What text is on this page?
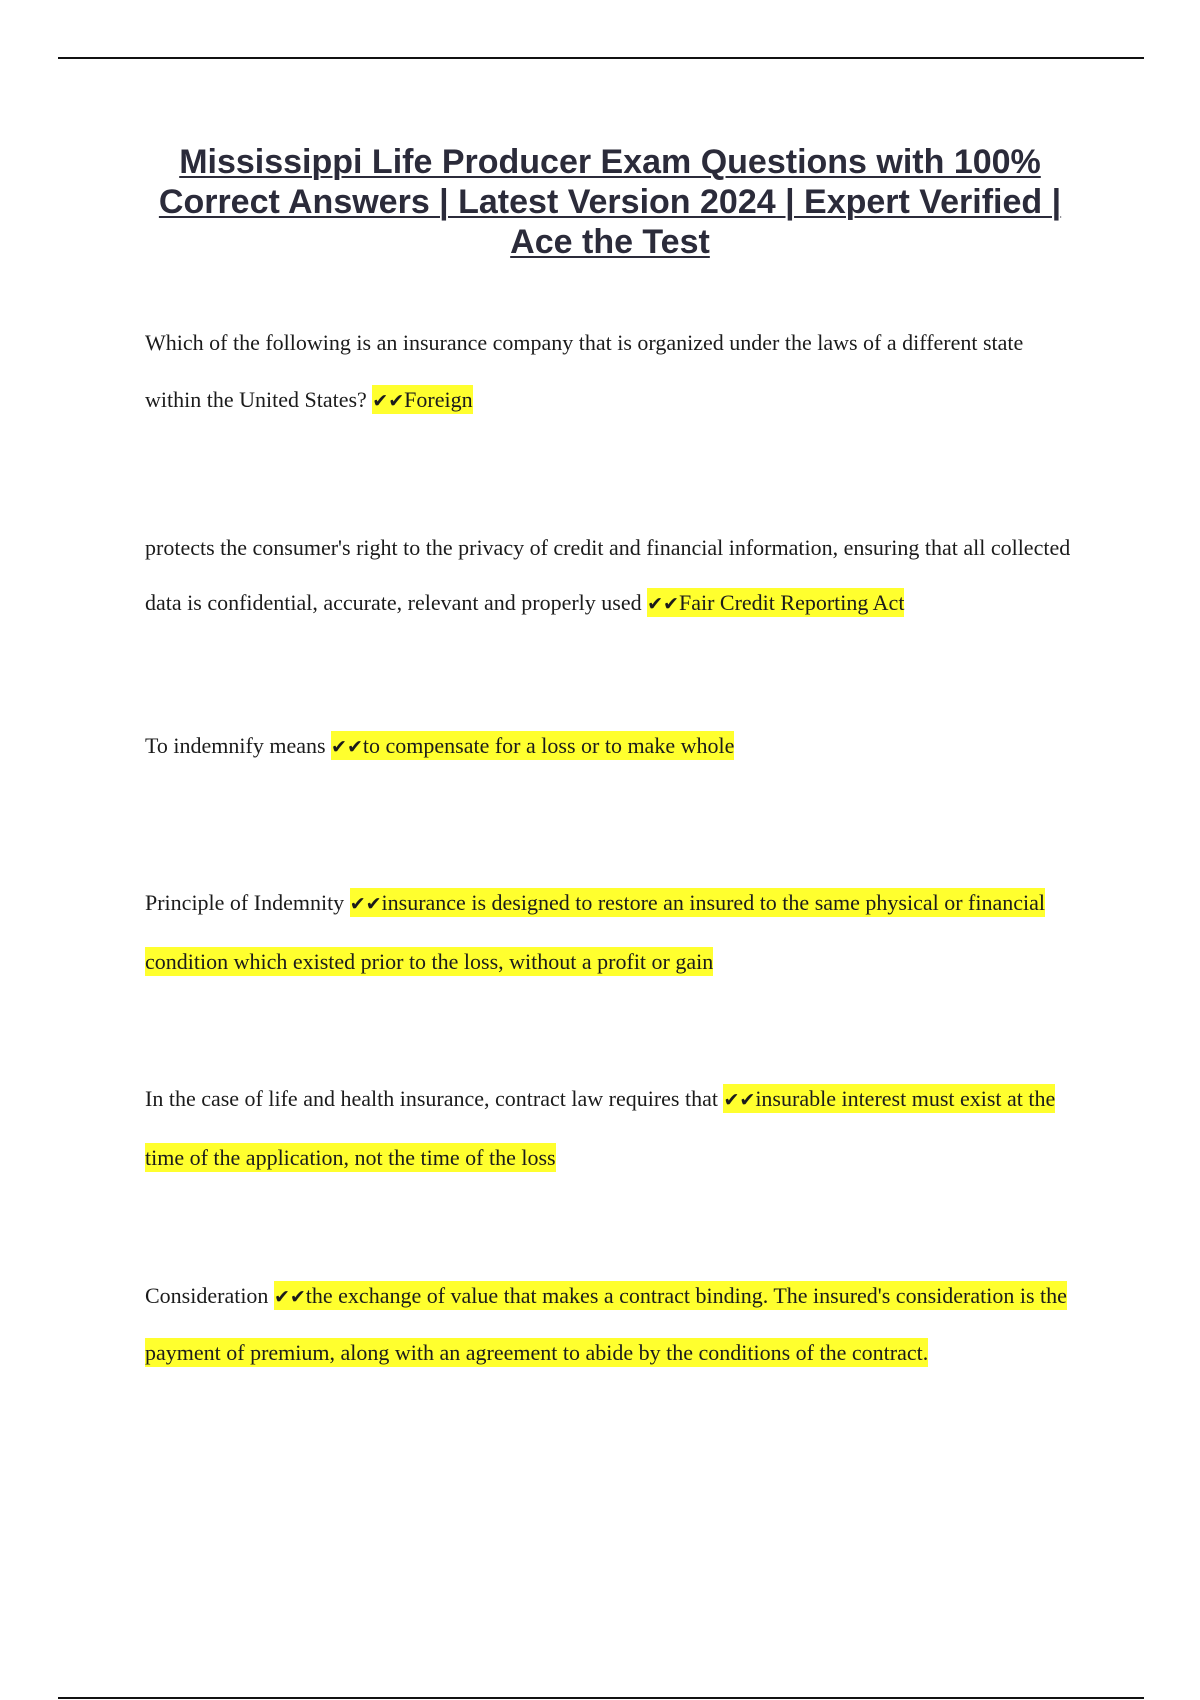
Mississippi Life Producer Exam Questions with 100% Correct Answers | Latest Version 2024 | Expert Verified | Ace the Test

Which of the following is an insurance company that is organized under the laws of a different state within the United States? ✔✔Foreign

protects the consumer's right to the privacy of credit and financial information, ensuring that all collected data is confidential, accurate, relevant and properly used ✔✔Fair Credit Reporting Act

To indemnify means ✔✔to compensate for a loss or to make whole

Principle of Indemnity ✔✔insurance is designed to restore an insured to the same physical or financial condition which existed prior to the loss, without a profit or gain

In the case of life and health insurance, contract law requires that ✔✔insurable interest must exist at the time of the application, not the time of the loss

Consideration ✔✔the exchange of value that makes a contract binding. The insured's consideration is the payment of premium, along with an agreement to abide by the conditions of the contract.
